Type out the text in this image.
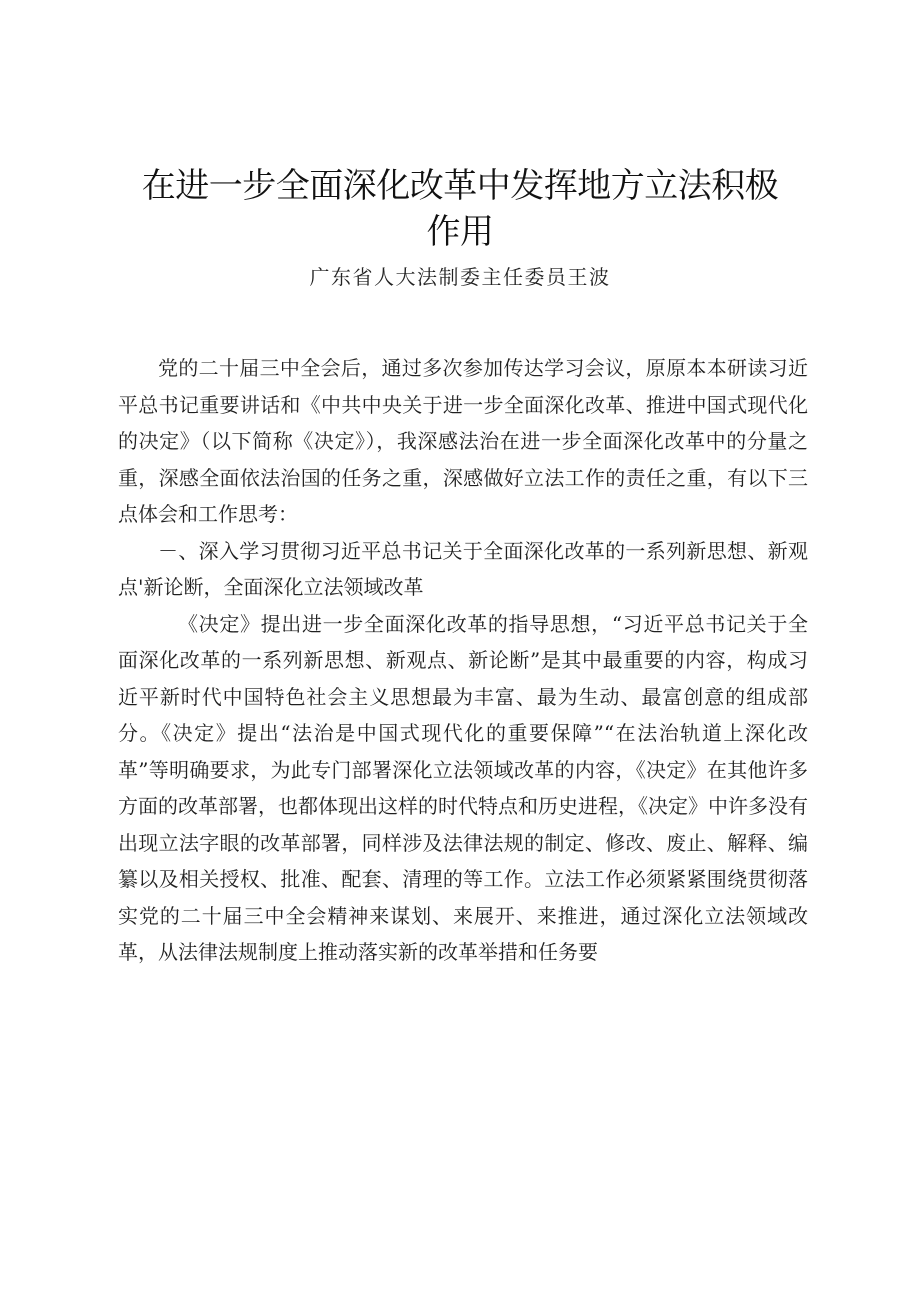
在进一步全面深化改革中发挥地方立法积极作用
广东省人大法制委主任委员王波

党的二十届三中全会后，通过多次参加传达学习会议，原原本本研读习近平总书记重要讲话和《中共中央关于进一步全面深化改革、推进中国式现代化的决定》（以下简称《决定》），我深感法治在进一步全面深化改革中的分量之重，深感全面依法治国的任务之重，深感做好立法工作的责任之重，有以下三点体会和工作思考：

－、深入学习贯彻习近平总书记关于全面深化改革的一系列新思想、新观点'新论断，全面深化立法领域改革

《决定》提出进一步全面深化改革的指导思想，“习近平总书记关于全面深化改革的一系列新思想、新观点、新论断”是其中最重要的内容，构成习近平新时代中国特色社会主义思想最为丰富、最为生动、最富创意的组成部分。《决定》提出“法治是中国式现代化的重要保障”“在法治轨道上深化改革”等明确要求，为此专门部署深化立法领域改革的内容，《决定》在其他许多方面的改革部署，也都体现出这样的时代特点和历史进程，《决定》中许多没有出现立法字眼的改革部署，同样涉及法律法规的制定、修改、废止、解释、编纂以及相关授权、批准、配套、清理的等工作。立法工作必须紧紧围绕贯彻落实党的二十届三中全会精神来谋划、来展开、来推进，通过深化立法领域改革，从法律法规制度上推动落实新的改革举措和任务要
